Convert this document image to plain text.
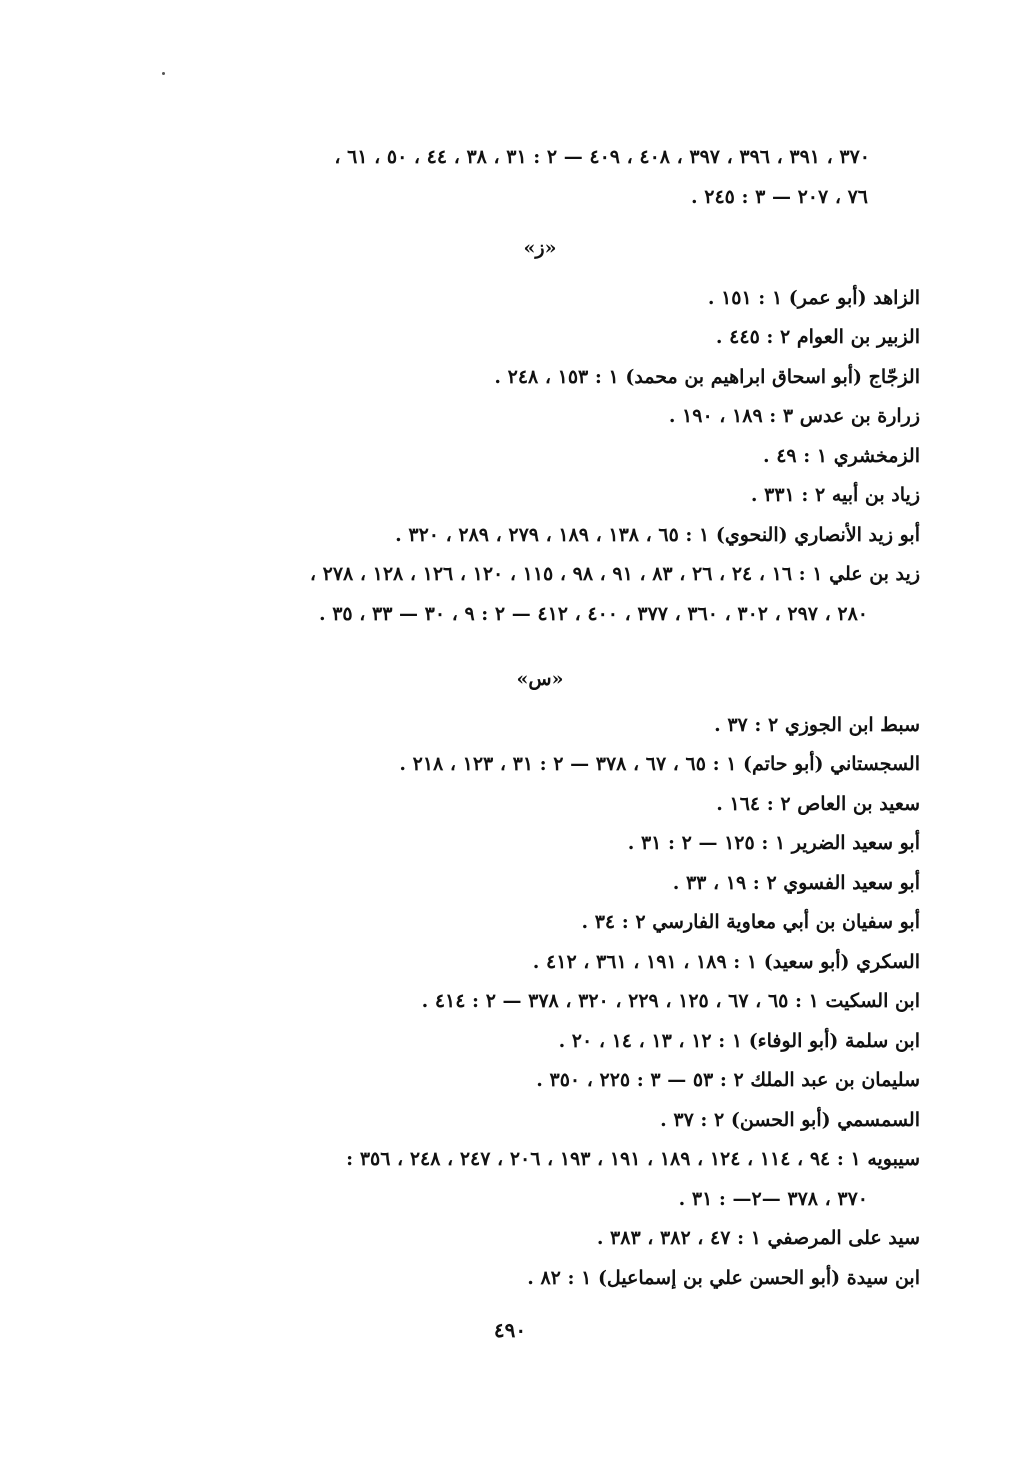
٣٧٠ ، ٣٩١ ، ٣٩٦ ، ٣٩٧ ، ٤٠٨ ، ٤٠٩ — ٢ : ٣١ ، ٣٨ ، ٤٤ ، ٥٠ ، ٦١ ،
٧٦ ، ٢٠٧ — ٣ : ٢٤٥ .
«ز»
الزاهد (أبو عمر) ١ : ١٥١ .
الزبير بن العوام ٢ : ٤٤٥ .
الزجّاج (أبو اسحاق ابراهيم بن محمد) ١ : ١٥٣ ، ٢٤٨ .
زرارة بن عدس ٣ : ١٨٩ ، ١٩٠ .
الزمخشري ١ : ٤٩ .
زياد بن أبيه ٢ : ٣٣١ .
أبو زيد الأنصاري (النحوي) ١ : ٦٥ ، ١٣٨ ، ١٨٩ ، ٢٧٩ ، ٢٨٩ ، ٣٢٠ .
زيد بن علي ١ : ١٦ ، ٢٤ ، ٢٦ ، ٨٣ ، ٩١ ، ٩٨ ، ١١٥ ، ١٢٠ ، ١٢٦ ، ١٢٨ ، ٢٧٨ ،
٢٨٠ ، ٢٩٧ ، ٣٠٢ ، ٣٦٠ ، ٣٧٧ ، ٤٠٠ ، ٤١٢ — ٢ : ٩ ، ٣٠ — ٣٣ ، ٣٥ .
«س»
سبط ابن الجوزي ٢ : ٣٧ .
السجستاني (أبو حاتم) ١ : ٦٥ ، ٦٧ ، ٣٧٨ — ٢ : ٣١ ، ١٢٣ ، ٢١٨ .
سعيد بن العاص ٢ : ١٦٤ .
أبو سعيد الضرير ١ : ١٢٥ — ٢ : ٣١ .
أبو سعيد الفسوي ٢ : ١٩ ، ٣٣ .
أبو سفيان بن أبي معاوية الفارسي ٢ : ٣٤ .
السكري (أبو سعيد) ١ : ١٨٩ ، ١٩١ ، ٣٦١ ، ٤١٢ .
ابن السكيت ١ : ٦٥ ، ٦٧ ، ١٢٥ ، ٢٢٩ ، ٣٢٠ ، ٣٧٨ — ٢ : ٤١٤ .
ابن سلمة (أبو الوفاء) ١ : ١٢ ، ١٣ ، ١٤ ، ٢٠ .
سليمان بن عبد الملك ٢ : ٥٣ — ٣ : ٢٢٥ ، ٣٥٠ .
السمسمي (أبو الحسن) ٢ : ٣٧ .
سيبويه ١ : ٩٤ ، ١١٤ ، ١٢٤ ، ١٨٩ ، ١٩١ ، ١٩٣ ، ٢٠٦ ، ٢٤٧ ، ٢٤٨ ، ٣٥٦ :
٣٧٠ ، ٣٧٨ —٢— : ٣١ .
سيد على المرصفي ١ : ٤٧ ، ٣٨٢ ، ٣٨٣ .
ابن سيدة (أبو الحسن علي بن إسماعيل) ١ : ٨٢ .
٤٩٠
